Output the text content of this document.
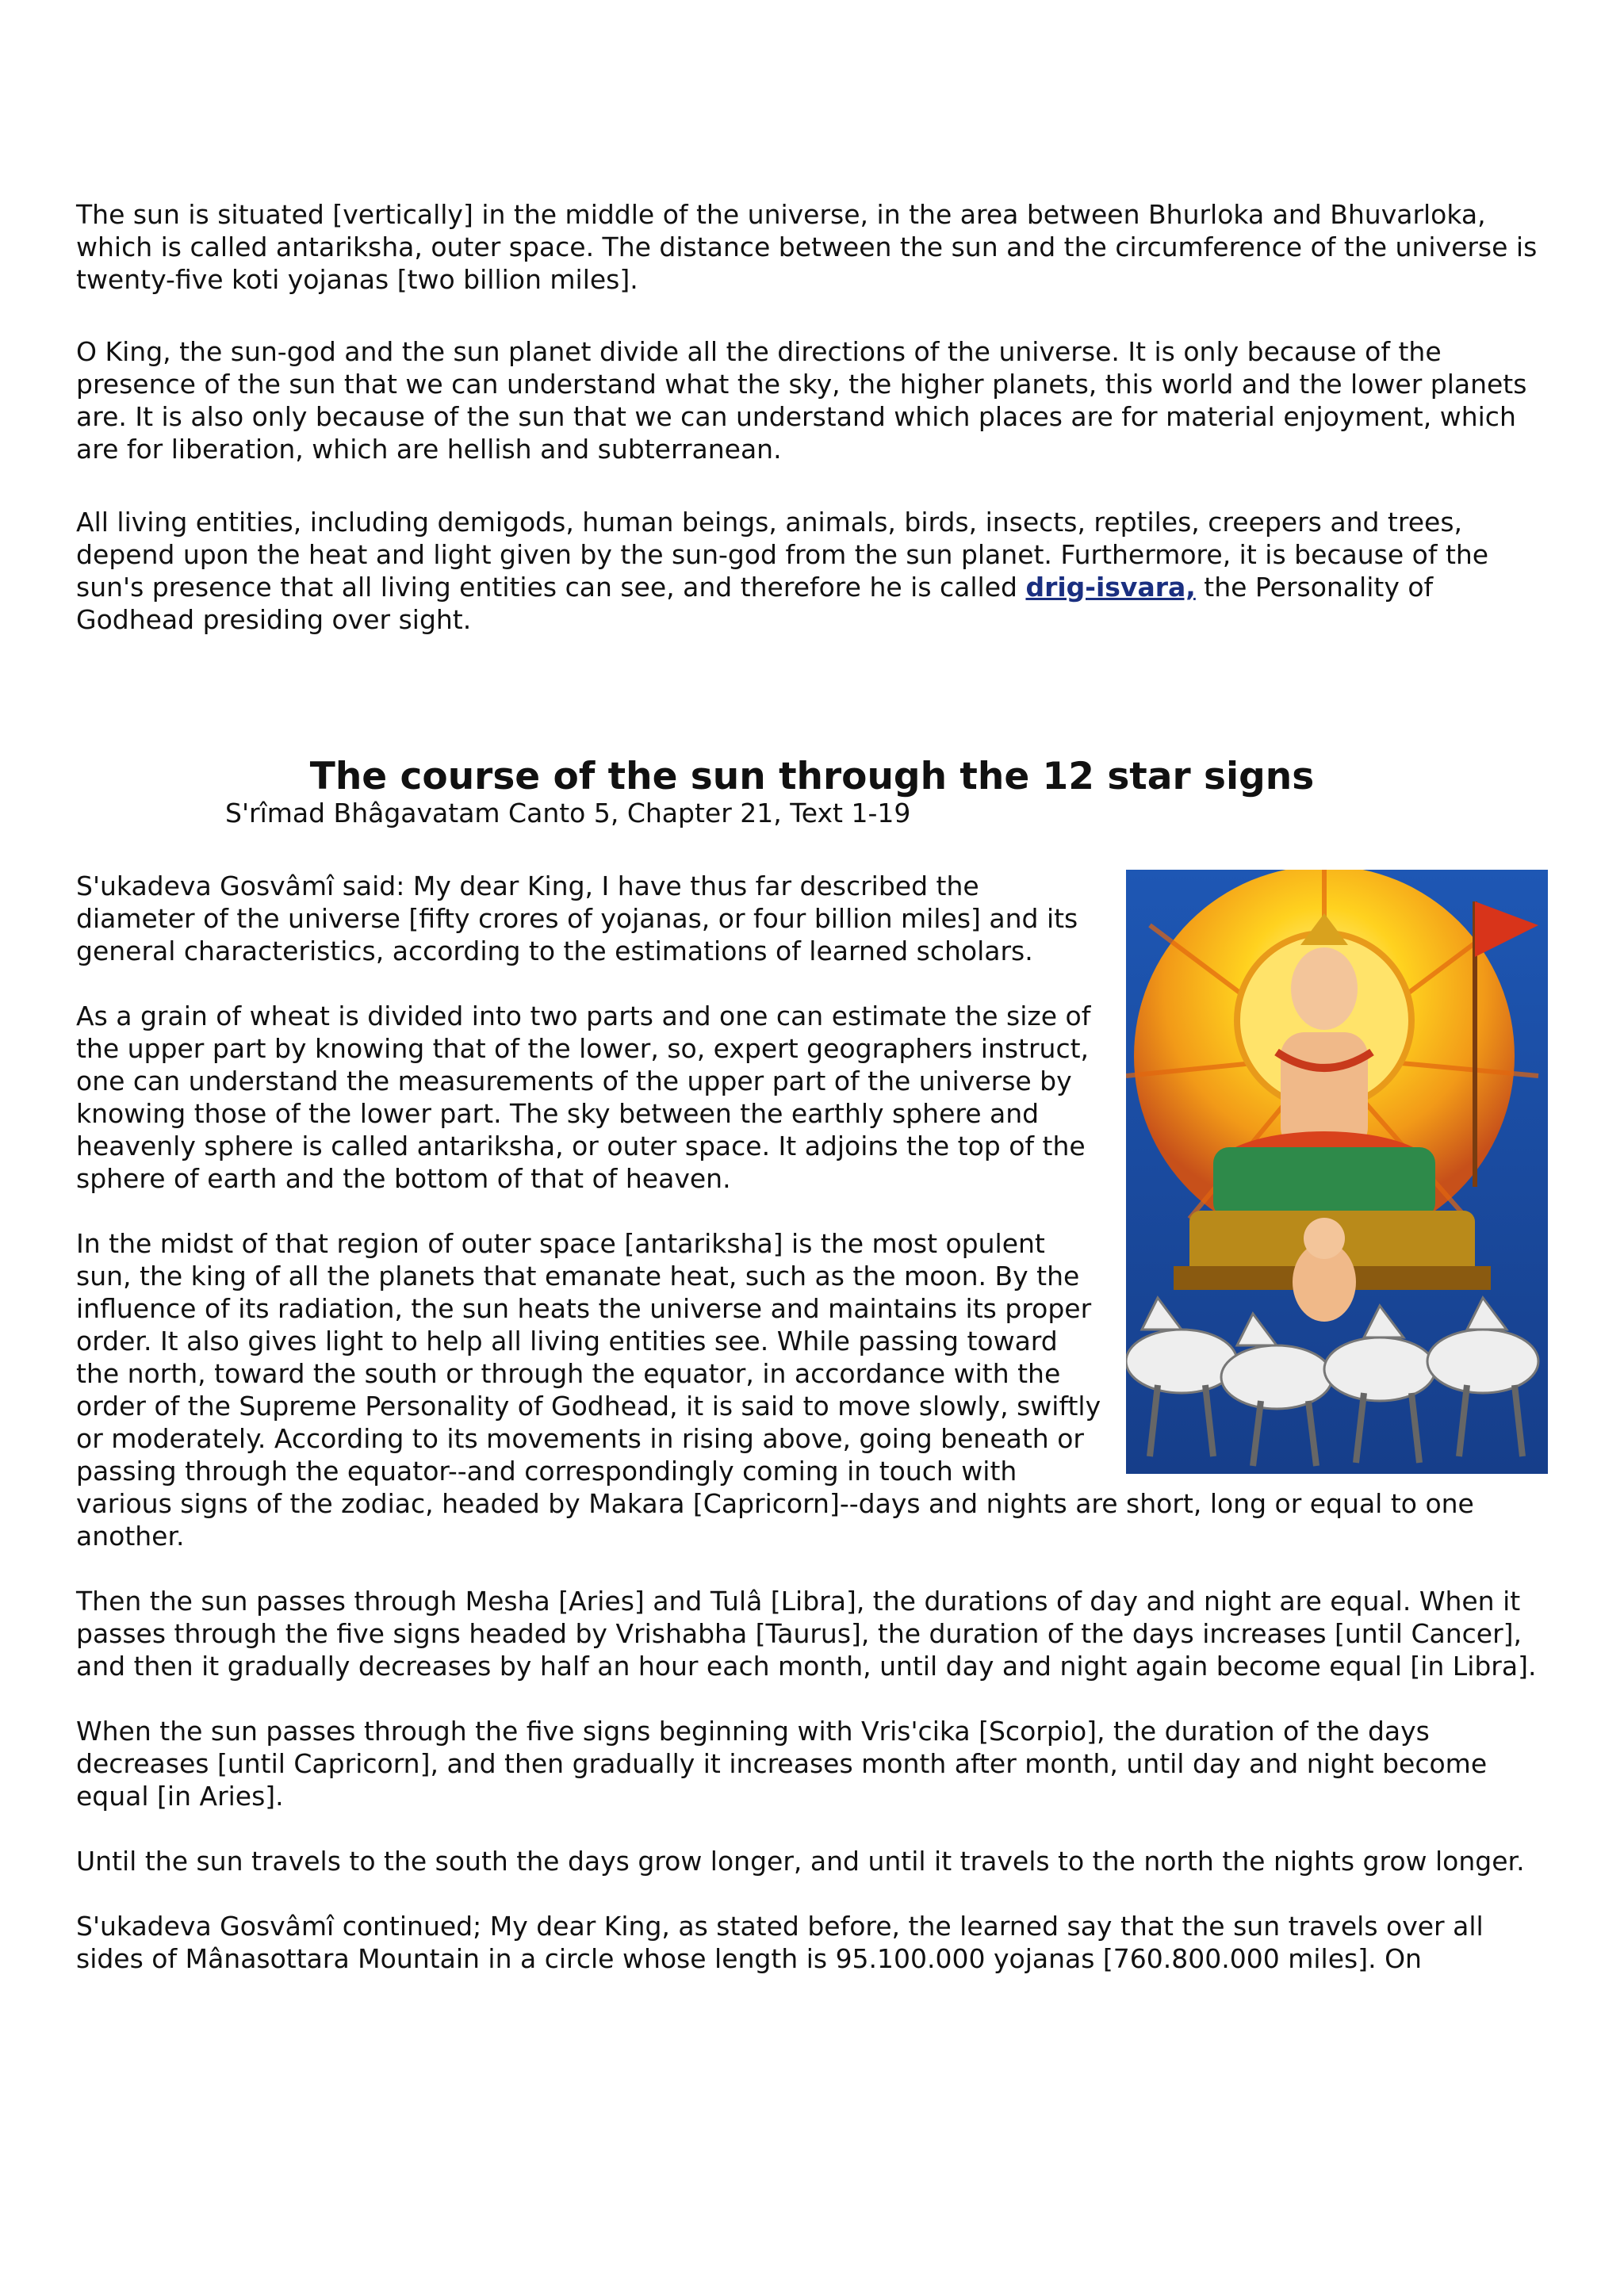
The sun is situated [vertically] in the middle of the universe, in the area between Bhurloka and Bhuvarloka, which is called antariksha, outer space. The distance between the sun and the circumference of the universe is twenty-five koti yojanas [two billion miles].

O King, the sun-god and the sun planet divide all the directions of the universe. It is only because of the presence of the sun that we can understand what the sky, the higher planets, this world and the lower planets are. It is also only because of the sun that we can understand which places are for material enjoyment, which are for liberation, which are hellish and subterranean.

All living entities, including demigods, human beings, animals, birds, insects, reptiles, creepers and trees, depend upon the heat and light given by the sun-god from the sun planet. Furthermore, it is because of the sun's presence that all living entities can see, and therefore he is called drig-isvara, the Personality of Godhead presiding over sight.

The course of the sun through the 12 star signs

S'rîmad Bhâgavatam Canto 5, Chapter 21, Text 1-19

S'ukadeva Gosvâmî said: My dear King, I have thus far described the diameter of the universe [fifty crores of yojanas, or four billion miles] and its general characteristics, according to the estimations of learned scholars.

As a grain of wheat is divided into two parts and one can estimate the size of the upper part by knowing that of the lower, so, expert geographers instruct, one can understand the measurements of the upper part of the universe by knowing those of the lower part. The sky between the earthly sphere and heavenly sphere is called antariksha, or outer space. It adjoins the top of the sphere of earth and the bottom of that of heaven.

In the midst of that region of outer space [antariksha] is the most opulent sun, the king of all the planets that emanate heat, such as the moon. By the influence of its radiation, the sun heats the universe and maintains its proper order. It also gives light to help all living entities see. While passing toward the north, toward the south or through the equator, in accordance with the order of the Supreme Personality of Godhead, it is said to move slowly, swiftly or moderately. According to its movements in rising above, going beneath or passing through the equator--and correspondingly coming in touch with various signs of the zodiac, headed by Makara [Capricorn]--days and nights are short, long or equal to one another.

Then the sun passes through Mesha [Aries] and Tulâ [Libra], the durations of day and night are equal. When it passes through the five signs headed by Vrishabha [Taurus], the duration of the days increases [until Cancer], and then it gradually decreases by half an hour each month, until day and night again become equal [in Libra].

When the sun passes through the five signs beginning with Vris'cika [Scorpio], the duration of the days decreases [until Capricorn], and then gradually it increases month after month, until day and night become equal [in Aries].

Until the sun travels to the south the days grow longer, and until it travels to the north the nights grow longer.

S'ukadeva Gosvâmî continued; My dear King, as stated before, the learned say that the sun travels over all sides of Mânasottara Mountain in a circle whose length is 95.100.000 yojanas [760.800.000 miles]. On
